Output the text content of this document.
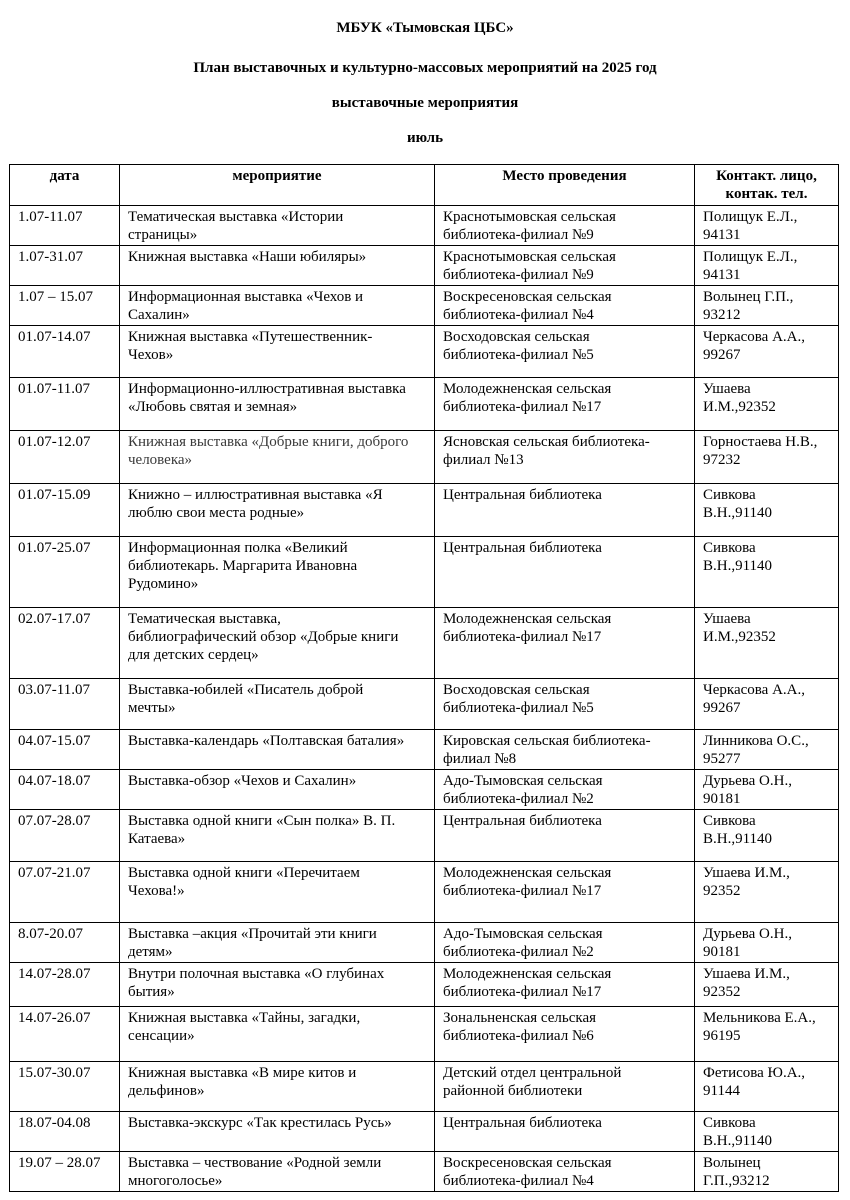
МБУК «Тымовская ЦБС»
План выставочных и культурно-массовых мероприятий на 2025 год
выставочные мероприятия
июль
дата	мероприятие	Место проведения	Контакт. лицо,
контак. тел.
1.07-11.07	Тематическая выставка «Истории
страницы»	Краснотымовская сельская
библиотека-филиал №9	Полищук Е.Л.,
94131
1.07-31.07	Книжная выставка «Наши юбиляры»	Краснотымовская сельская
библиотека-филиал №9	Полищук Е.Л.,
94131
1.07 – 15.07	Информационная выставка «Чехов и
Сахалин»	Воскресеновская сельская
библиотека-филиал №4	Волынец Г.П.,
93212
01.07-14.07	Книжная выставка «Путешественник-
Чехов»	Восходовская сельская
библиотека-филиал №5	Черкасова А.А.,
99267
01.07-11.07	Информационно-иллюстративная выставка
«Любовь святая и земная»	Молодежненская сельская
библиотека-филиал №17	Ушаева
И.М.,92352
01.07-12.07	Книжная выставка «Добрые книги, доброго
человека»	Ясновская сельская библиотека-
филиал №13	Горностаева Н.В.,
97232
01.07-15.09	Книжно – иллюстративная выставка «Я
люблю свои места родные»	Центральная библиотека	Сивкова
В.Н.,91140
01.07-25.07	Информационная полка «Великий
библиотекарь. Маргарита Ивановна
Рудомино»	Центральная библиотека	Сивкова
В.Н.,91140
02.07-17.07	Тематическая выставка,
библиографический обзор «Добрые книги
для детских сердец»	Молодежненская сельская
библиотека-филиал №17	Ушаева
И.М.,92352
03.07-11.07	Выставка-юбилей «Писатель доброй
мечты»	Восходовская сельская
библиотека-филиал №5	Черкасова А.А.,
99267
04.07-15.07	Выставка-календарь «Полтавская баталия»	Кировская сельская библиотека-
филиал №8	Линникова О.С.,
95277
04.07-18.07	Выставка-обзор «Чехов и Сахалин»	Адо-Тымовская сельская
библиотека-филиал №2	Дурьева О.Н.,
90181
07.07-28.07	Выставка одной книги «Сын полка» В. П.
Катаева»	Центральная библиотека	Сивкова
В.Н.,91140
07.07-21.07	Выставка одной книги «Перечитаем
Чехова!»	Молодежненская сельская
библиотека-филиал №17	Ушаева И.М.,
92352
8.07-20.07	Выставка –акция «Прочитай эти книги
детям»	Адо-Тымовская сельская
библиотека-филиал №2	Дурьева О.Н.,
90181
14.07-28.07	Внутри полочная выставка «О глубинах
бытия»	Молодежненская сельская
библиотека-филиал №17	Ушаева И.М.,
92352
14.07-26.07	Книжная выставка «Тайны, загадки,
сенсации»	Зональненская сельская
библиотека-филиал №6	Мельникова Е.А.,
96195
15.07-30.07	Книжная выставка «В мире китов и
дельфинов»	Детский отдел центральной
районной библиотеки	Фетисова Ю.А.,
91144
18.07-04.08	Выставка-экскурс «Так крестилась Русь»	Центральная библиотека	Сивкова
В.Н.,91140
19.07 – 28.07	Выставка – чествование «Родной земли
многоголосье»	Воскресеновская сельская
библиотека-филиал №4	Волынец
Г.П.,93212
